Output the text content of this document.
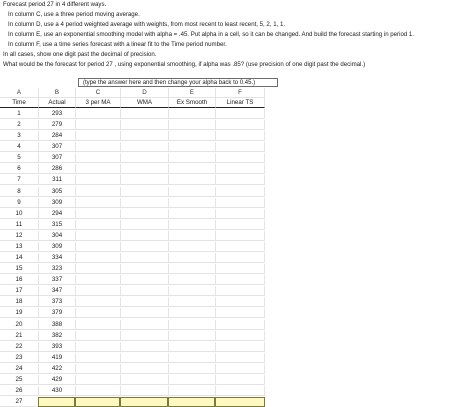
Forecast period 27 in 4 different ways.
In column C, use a three period moving average.
In column D, use a 4 period weighted average with weights, from most recent to least recent, 5, 2, 1, 1.
In column E, use an exponential smoothing model with alpha = .45. Put alpha in a cell, so it can be changed. And build the forecast starting in period 1.
In column F, use a time series forecast with a linear fit to the Time period number.
In all cases, show one digit past the decimal of precision.
What would be the forecast for period 27 , using exponential smoothing, if alpha was .85? (use precision of one digit past the decimal.)
(type the answer here and then change your alpha back to 0.45.)
A	B	C	D	E	F
Time	Actual	3 per MA	WMA	Ex Smooth	Linear TS
1	293
2	279
3	284
4	307
5	307
6	286
7	311
8	305
9	309
10	294
11	315
12	304
13	309
14	334
15	323
16	337
17	347
18	373
19	379
20	388
21	382
22	393
23	419
24	422
25	429
26	430
27
